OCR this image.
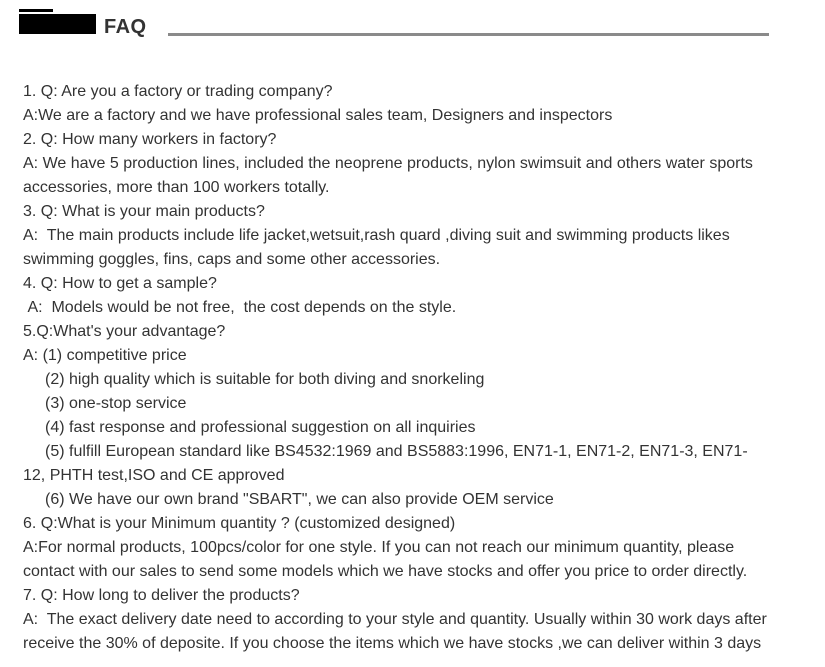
FAQ

1. Q: Are you a factory or trading company?

A:We are a factory and we have professional sales team, Designers and inspectors

2. Q: How many workers in factory?

A: We have 5 production lines, included the neoprene products, nylon swimsuit and others water sports accessories, more than 100 workers totally.

3. Q: What is your main products?

A:  The main products include life jacket,wetsuit,rash quard ,diving suit and swimming products likes swimming goggles, fins, caps and some other accessories.

4. Q: How to get a sample?

A:  Models would be not free,  the cost depends on the style.

5.Q:What's your advantage?

A: (1) competitive price

(2) high quality which is suitable for both diving and snorkeling

(3) one-stop service

(4) fast response and professional suggestion on all inquiries

(5) fulfill European standard like BS4532:1969 and BS5883:1996, EN71-1, EN71-2, EN71-3, EN71-

12, PHTH test,ISO and CE approved

(6) We have our own brand "SBART", we can also provide OEM service

6. Q:What is your Minimum quantity ? (customized designed)

A:For normal products, 100pcs/color for one style. If you can not reach our minimum quantity, please contact with our sales to send some models which we have stocks and offer you price to order directly.

7. Q: How long to deliver the products?

A:  The exact delivery date need to according to your style and quantity. Usually within 30 work days after receive the 30% of deposite. If you choose the items which we have stocks ,we can deliver within 3 days
